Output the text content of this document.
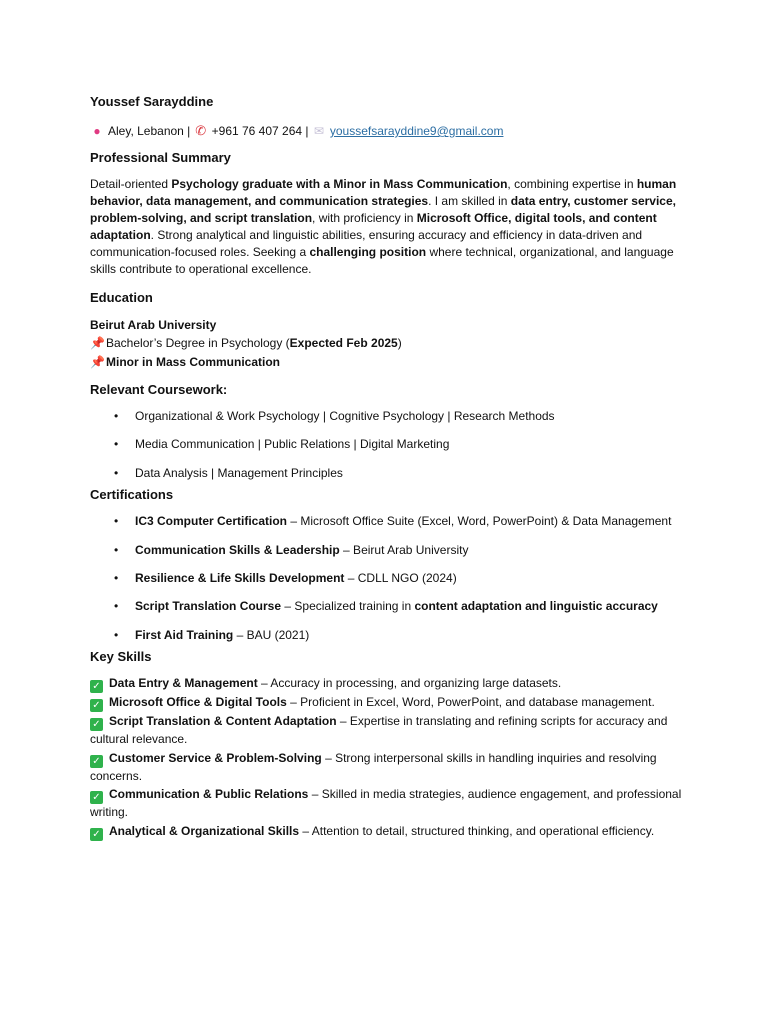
Youssef Sarayddine

● Aley, Lebanon | ✆ +961 76 407 264 | ✉ youssefsarayddine9@gmail.com
Professional Summary
Detail-oriented Psychology graduate with a Minor in Mass Communication, combining expertise in human behavior, data management, and communication strategies. I am skilled in data entry, customer service, problem-solving, and script translation, with proficiency in Microsoft Office, digital tools, and content adaptation. Strong analytical and linguistic abilities, ensuring accuracy and efficiency in data-driven and communication-focused roles. Seeking a challenging position where technical, organizational, and language skills contribute to operational excellence.
Education
Beirut Arab University
📌Bachelor’s Degree in Psychology (Expected Feb 2025)
📌Minor in Mass Communication
Relevant Coursework:
• Organizational & Work Psychology | Cognitive Psychology | Research Methods
• Media Communication | Public Relations | Digital Marketing
• Data Analysis | Management Principles
Certifications
• IC3 Computer Certification – Microsoft Office Suite (Excel, Word, PowerPoint) & Data Management
• Communication Skills & Leadership – Beirut Arab University
• Resilience & Life Skills Development – CDLL NGO (2024)
• Script Translation Course – Specialized training in content adaptation and linguistic accuracy
• First Aid Training – BAU (2021)
Key Skills
✓ Data Entry & Management – Accuracy in processing, and organizing large datasets.
✓ Microsoft Office & Digital Tools – Proficient in Excel, Word, PowerPoint, and database management.
✓ Script Translation & Content Adaptation – Expertise in translating and refining scripts for accuracy and cultural relevance.
✓ Customer Service & Problem-Solving – Strong interpersonal skills in handling inquiries and resolving concerns.
✓ Communication & Public Relations – Skilled in media strategies, audience engagement, and professional writing.
✓ Analytical & Organizational Skills – Attention to detail, structured thinking, and operational efficiency.
